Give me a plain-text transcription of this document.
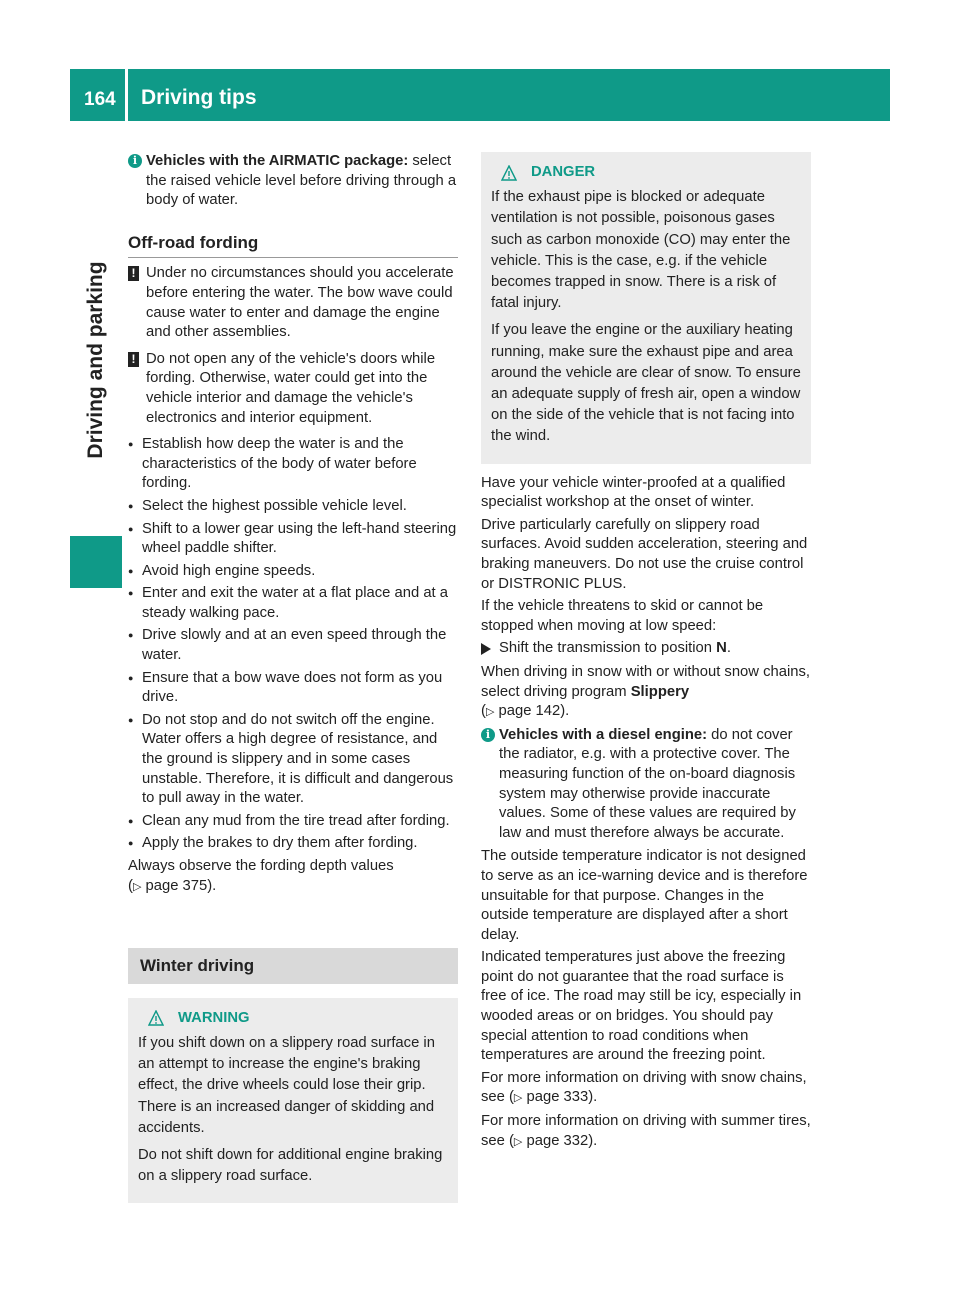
164 Driving tips
Driving and parking
i Vehicles with the AIRMATIC package: select the raised vehicle level before driving through a body of water.
Off-road fording
! Under no circumstances should you accelerate before entering the water. The bow wave could cause water to enter and damage the engine and other assemblies.
! Do not open any of the vehicle's doors while fording. Otherwise, water could get into the vehicle interior and damage the vehicle's electronics and interior equipment.
● Establish how deep the water is and the characteristics of the body of water before fording.
● Select the highest possible vehicle level.
● Shift to a lower gear using the left-hand steering wheel paddle shifter.
● Avoid high engine speeds.
● Enter and exit the water at a flat place and at a steady walking pace.
● Drive slowly and at an even speed through the water.
● Ensure that a bow wave does not form as you drive.
● Do not stop and do not switch off the engine. Water offers a high degree of resistance, and the ground is slippery and in some cases unstable. Therefore, it is difficult and dangerous to pull away in the water.
● Clean any mud from the tire tread after fording.
● Apply the brakes to dry them after fording.

Always observe the fording depth values
(▷ page 375).

Winter driving
WARNING

If you shift down on a slippery road surface in an attempt to increase the engine's braking effect, the drive wheels could lose their grip. There is an increased danger of skidding and accidents.

Do not shift down for additional engine braking on a slippery road surface.

DANGER

If the exhaust pipe is blocked or adequate ventilation is not possible, poisonous gases such as carbon monoxide (CO) may enter the vehicle. This is the case, e.g. if the vehicle becomes trapped in snow. There is a risk of fatal injury.

If you leave the engine or the auxiliary heating running, make sure the exhaust pipe and area around the vehicle are clear of snow. To ensure an adequate supply of fresh air, open a window on the side of the vehicle that is not facing into the wind.

Have your vehicle winter-proofed at a qualified specialist workshop at the onset of winter.

Drive particularly carefully on slippery road surfaces. Avoid sudden acceleration, steering and braking maneuvers. Do not use the cruise control or DISTRONIC PLUS.

If the vehicle threatens to skid or cannot be stopped when moving at low speed:

Shift the transmission to position N.

When driving in snow with or without snow chains, select driving program Slippery
(▷ page 142).

i Vehicles with a diesel engine: do not cover the radiator, e.g. with a protective cover. The measuring function of the on-board diagnosis system may otherwise provide inaccurate values. Some of these values are required by law and must therefore always be accurate.

The outside temperature indicator is not designed to serve as an ice-warning device and is therefore unsuitable for that purpose. Changes in the outside temperature are displayed after a short delay.

Indicated temperatures just above the freezing point do not guarantee that the road surface is free of ice. The road may still be icy, especially in wooded areas or on bridges. You should pay special attention to road conditions when temperatures are around the freezing point.

For more information on driving with snow chains, see (▷ page 333).

For more information on driving with summer tires, see (▷ page 332).
